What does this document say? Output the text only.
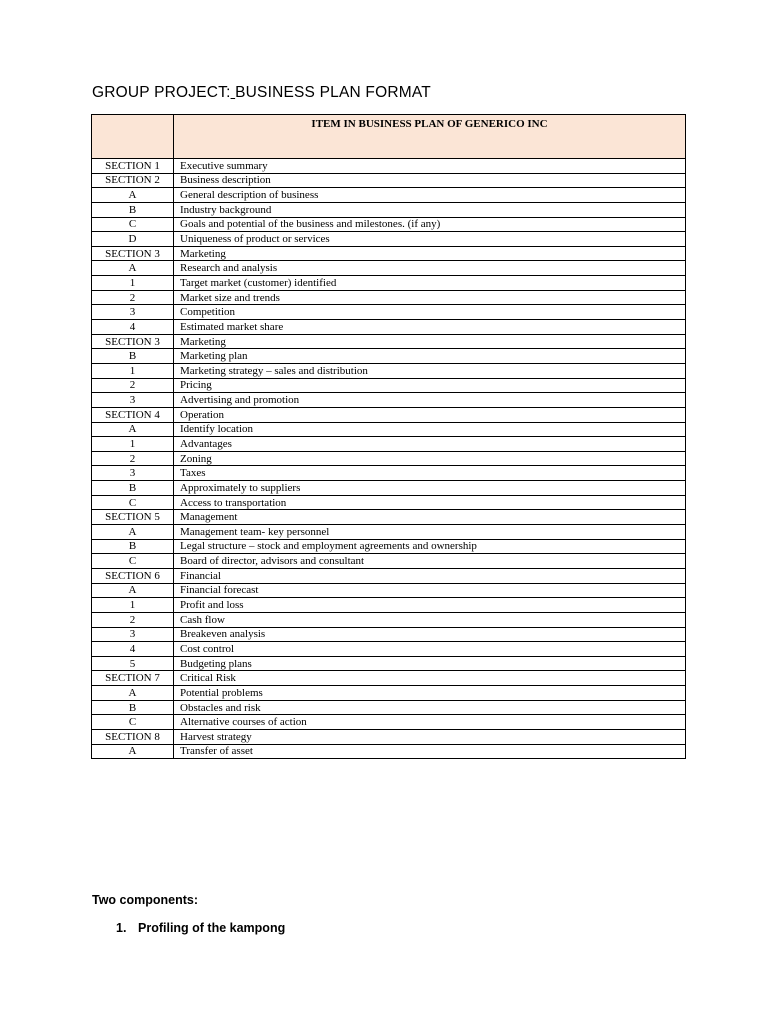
GROUP PROJECT: BUSINESS PLAN FORMAT
	ITEM IN BUSINESS PLAN OF GENERICO INC
SECTION 1	Executive summary
SECTION 2	Business description
A	General description of business
B	Industry background
C	Goals and potential of the business and milestones. (if any)
D	Uniqueness of product or services
SECTION 3	Marketing
A	Research and analysis
1	Target market (customer) identified
2	Market size and trends
3	Competition
4	Estimated market share
SECTION 3	Marketing
B	Marketing plan
1	Marketing strategy – sales and distribution
2	Pricing
3	Advertising and promotion
SECTION 4	Operation
A	Identify location
1	Advantages
2	Zoning
3	Taxes
B	Approximately to suppliers
C	Access to transportation
SECTION 5	Management
A	Management team- key personnel
B	Legal structure – stock and employment agreements and ownership
C	Board of director, advisors and consultant
SECTION 6	Financial
A	Financial forecast
1	Profit and loss
2	Cash flow
3	Breakeven analysis
4	Cost control
5	Budgeting plans
SECTION 7	Critical Risk
A	Potential problems
B	Obstacles and risk
C	Alternative courses of action
SECTION 8	Harvest strategy
A	Transfer of asset
Two components:
1. Profiling of the kampong
